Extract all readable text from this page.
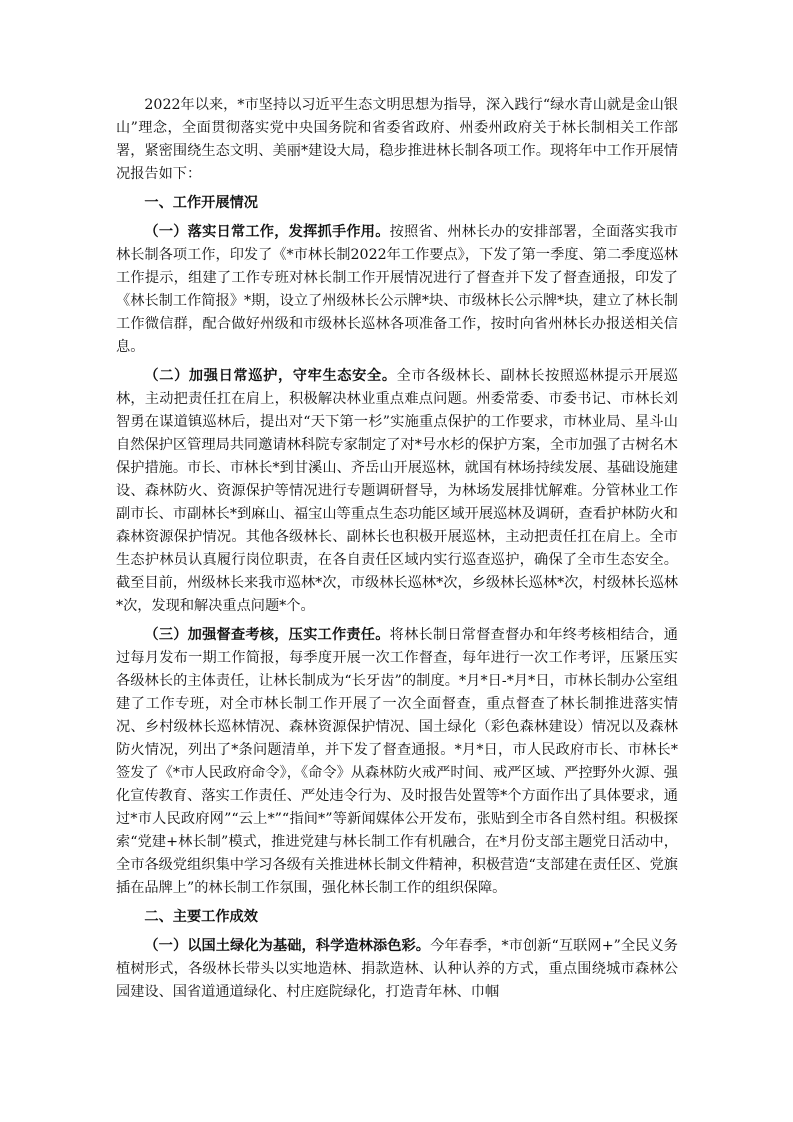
2022年以来，*市坚持以习近平生态文明思想为指导，深入践行“绿水青山就是金山银山”理念，全面贯彻落实党中央国务院和省委省政府、州委州政府关于林长制相关工作部署，紧密围绕生态文明、美丽*建设大局，稳步推进林长制各项工作。现将年中工作开展情况报告如下：

一、工作开展情况

（一）落实日常工作，发挥抓手作用。按照省、州林长办的安排部署，全面落实我市林长制各项工作，印发了《*市林长制2022年工作要点》，下发了第一季度、第二季度巡林工作提示，组建了工作专班对林长制工作开展情况进行了督查并下发了督查通报，印发了《林长制工作简报》*期，设立了州级林长公示牌*块、市级林长公示牌*块，建立了林长制工作微信群，配合做好州级和市级林长巡林各项准备工作，按时向省州林长办报送相关信息。

（二）加强日常巡护，守牢生态安全。全市各级林长、副林长按照巡林提示开展巡林，主动把责任扛在肩上，积极解决林业重点难点问题。州委常委、市委书记、市林长刘智勇在谋道镇巡林后，提出对“天下第一杉”实施重点保护的工作要求，市林业局、星斗山自然保护区管理局共同邀请林科院专家制定了对*号水杉的保护方案，全市加强了古树名木保护措施。市长、市林长*到甘溪山、齐岳山开展巡林，就国有林场持续发展、基础设施建设、森林防火、资源保护等情况进行专题调研督导，为林场发展排忧解难。分管林业工作副市长、市副林长*到麻山、福宝山等重点生态功能区域开展巡林及调研，查看护林防火和森林资源保护情况。其他各级林长、副林长也积极开展巡林，主动把责任扛在肩上。全市生态护林员认真履行岗位职责，在各自责任区域内实行巡查巡护，确保了全市生态安全。截至目前，州级林长来我市巡林*次，市级林长巡林*次，乡级林长巡林*次，村级林长巡林*次，发现和解决重点问题*个。

（三）加强督查考核，压实工作责任。将林长制日常督查督办和年终考核相结合，通过每月发布一期工作简报，每季度开展一次工作督查，每年进行一次工作考评，压紧压实各级林长的主体责任，让林长制成为“长牙齿”的制度。*月*日-*月*日，市林长制办公室组建了工作专班，对全市林长制工作开展了一次全面督查，重点督查了林长制推进落实情况、乡村级林长巡林情况、森林资源保护情况、国土绿化（彩色森林建设）情况以及森林防火情况，列出了*条问题清单，并下发了督查通报。*月*日，市人民政府市长、市林长*签发了《*市人民政府命令》，《命令》从森林防火戒严时间、戒严区域、严控野外火源、强化宣传教育、落实工作责任、严处违令行为、及时报告处置等*个方面作出了具体要求，通过*市人民政府网”“云上*”“指间*”等新闻媒体公开发布，张贴到全市各自然村组。积极探索“党建+林长制”模式，推进党建与林长制工作有机融合，在*月份支部主题党日活动中，全市各级党组织集中学习各级有关推进林长制文件精神，积极营造“支部建在责任区、党旗插在品牌上”的林长制工作氛围，强化林长制工作的组织保障。

二、主要工作成效

（一）以国土绿化为基础，科学造林添色彩。今年春季，*市创新“互联网+”全民义务植树形式，各级林长带头以实地造林、捐款造林、认种认养的方式，重点围绕城市森林公园建设、国省道通道绿化、村庄庭院绿化，打造青年林、巾帼
